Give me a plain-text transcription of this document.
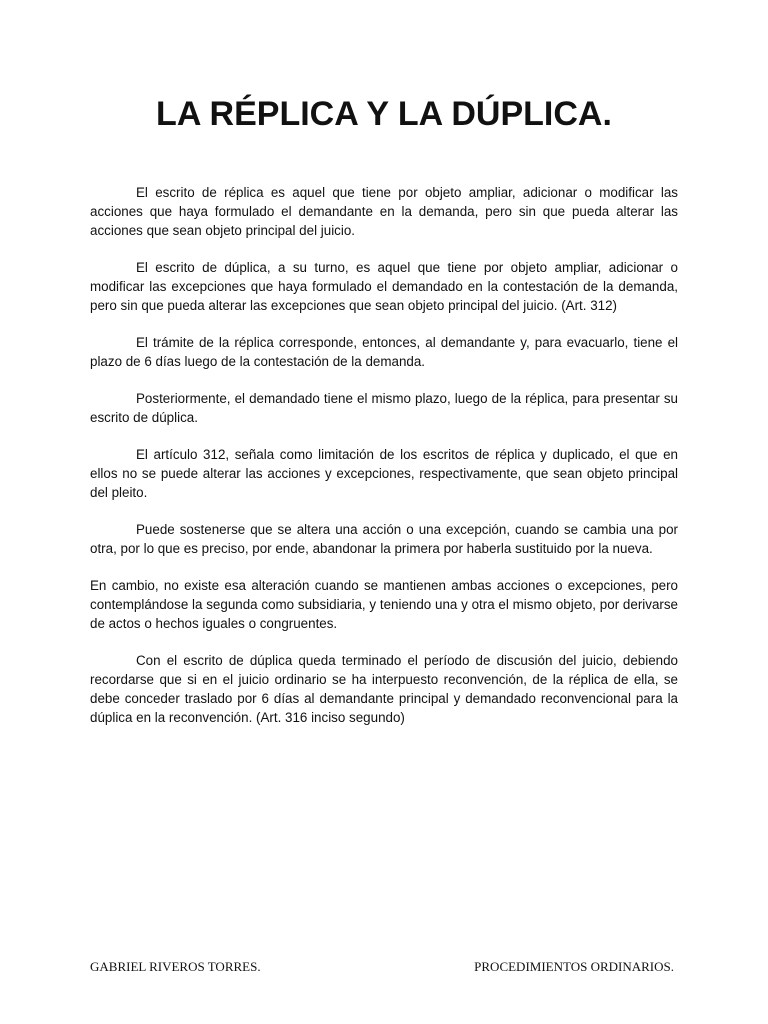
LA RÉPLICA Y LA DÚPLICA.

El escrito de réplica es aquel que tiene por objeto ampliar, adicionar o modificar las acciones que haya formulado el demandante en la demanda, pero sin que pueda alterar las acciones que sean objeto principal del juicio.

El escrito de dúplica, a su turno, es aquel que tiene por objeto ampliar, adicionar o modificar las excepciones que haya formulado el demandado en la contestación de la demanda, pero sin que pueda alterar las excepciones que sean objeto principal del juicio. (Art. 312)

El trámite de la réplica corresponde, entonces, al demandante y, para evacuarlo, tiene el plazo de 6 días luego de la contestación de la demanda.

Posteriormente, el demandado tiene el mismo plazo, luego de la réplica, para presentar su escrito de dúplica.

El artículo 312, señala como limitación de los escritos de réplica y duplicado, el que en ellos no se puede alterar las acciones y excepciones, respectivamente, que sean objeto principal del pleito.

Puede sostenerse que se altera una acción o una excepción, cuando se cambia una por otra, por lo que es preciso, por ende, abandonar la primera por haberla sustituido por la nueva.

En cambio, no existe esa alteración cuando se mantienen ambas acciones o excepciones, pero contemplándose la segunda como subsidiaria, y teniendo una y otra el mismo objeto, por derivarse de actos o hechos iguales o congruentes.

Con el escrito de dúplica queda terminado el período de discusión del juicio, debiendo recordarse que si en el juicio ordinario se ha interpuesto reconvención, de la réplica de ella, se debe conceder traslado por 6 días al demandante principal y demandado reconvencional para la dúplica en la reconvención. (Art. 316 inciso segundo)

GABRIEL RIVEROS TORRES.	PROCEDIMIENTOS ORDINARIOS.
